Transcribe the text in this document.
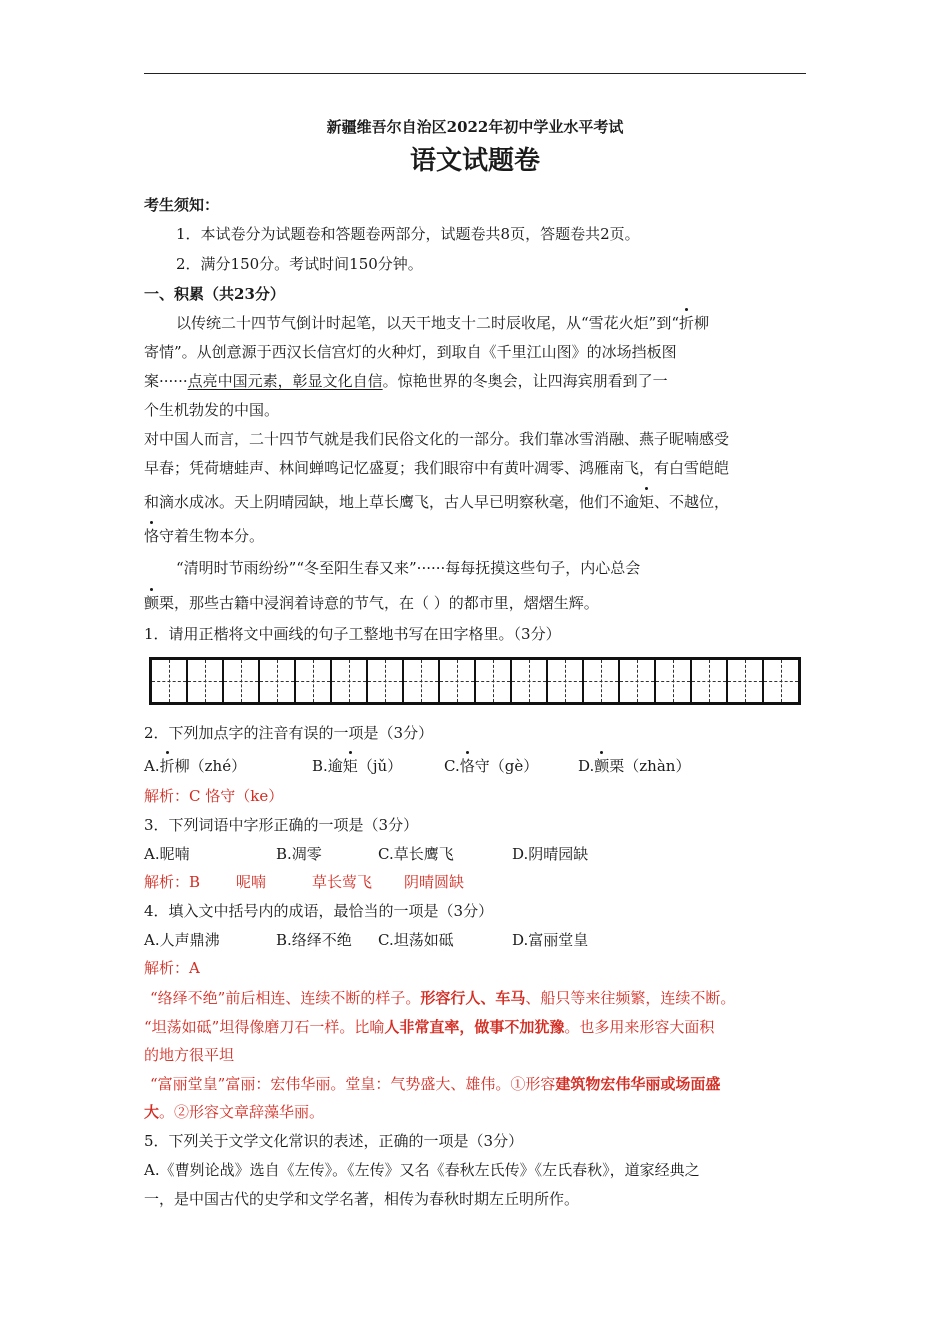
新疆维吾尔自治区2022年初中学业水平考试
语文试题卷
考生须知：
1．本试卷分为试题卷和答题卷两部分，试题卷共8页，答题卷共2页。
2．满分150分。考试时间150分钟。
一、积累（共23分）
以传统二十四节气倒计时起笔，以天干地支十二时辰收尾，从“雪花火炬”到“折柳
寄情”。从创意源于西汉长信宫灯的火种灯，到取自《千里江山图》的冰场挡板图
案······点亮中国元素，彰显文化自信。惊艳世界的冬奥会，让四海宾朋看到了一
个生机勃发的中国。
对中国人而言，二十四节气就是我们民俗文化的一部分。我们靠冰雪消融、燕子昵喃感受
早春；凭荷塘蛙声、林间蝉鸣记忆盛夏；我们眼帘中有黄叶凋零、鸿雁南飞，有白雪皑皑
和滴水成冰。天上阴晴园缺，地上草长鹰飞，古人早已明察秋毫，他们不逾矩、不越位，
恪守着生物本分。
“清明时节雨纷纷”“冬至阳生春又来”······每每抚摸这些句子，内心总会
颤栗，那些古籍中浸润着诗意的节气，在（ ）的都市里，熠熠生辉。
1．请用正楷将文中画线的句子工整地书写在田字格里。（3分）
2．下列加点字的注音有误的一项是（3分）
A.折柳（zhé）	B.逾矩（jǔ）	C.恪守（gè）	D.颤栗（zhàn）
解析：C 恪守（ke）
3．下列词语中字形正确的一项是（3分）
A.昵喃	B.凋零	C.草长鹰飞	D.阴晴园缺
解析：B 呢喃	草长莺飞 阴晴圆缺
4．填入文中括号内的成语，最恰当的一项是（3分）
A.人声鼎沸	B.络绎不绝 C.坦荡如砥	D.富丽堂皇
解析：A
“络绎不绝”前后相连、连续不断的样子。形容行人、车马、船只等来往频繁，连续不断。
“坦荡如砥”坦得像磨刀石一样。比喻人非常直率，做事不加犹豫。也多用来形容大面积
的地方很平坦
“富丽堂皇”富丽：宏伟华丽。堂皇：气势盛大、雄伟。①形容建筑物宏伟华丽或场面盛
大。②形容文章辞藻华丽。
5．下列关于文学文化常识的表述，正确的一项是（3分）
A.《曹刿论战》选自《左传》。《左传》又名《春秋左氏传》《左氏春秋》，道家经典之
一，是中国古代的史学和文学名著，相传为春秋时期左丘明所作。
